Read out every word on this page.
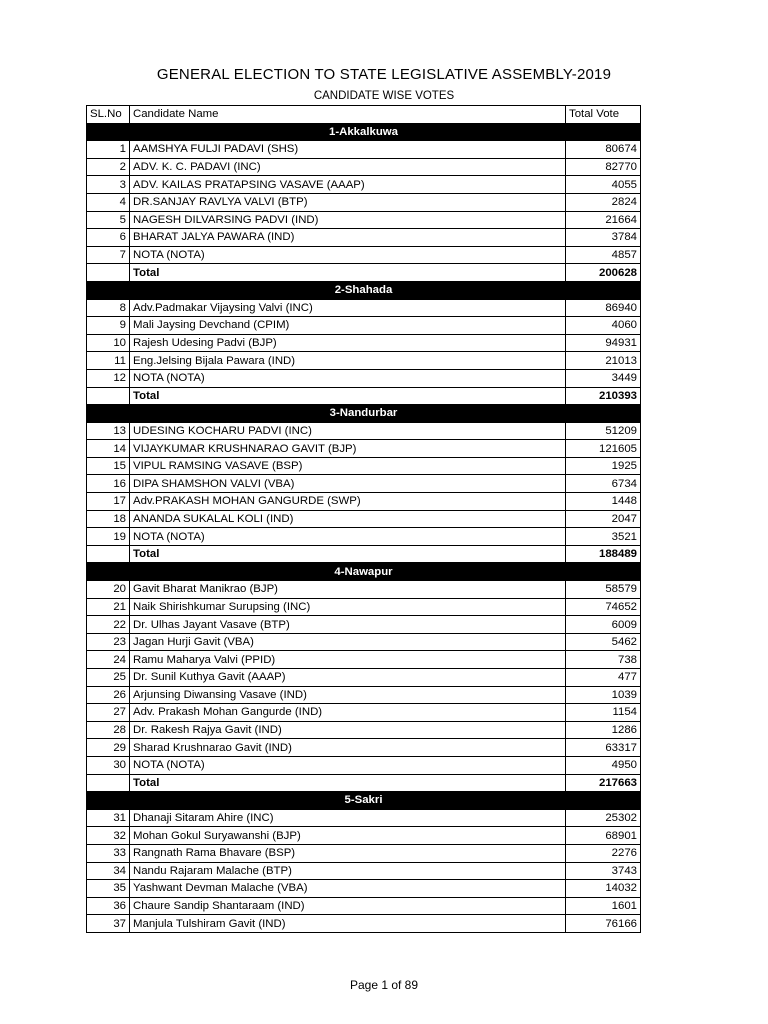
GENERAL ELECTION TO STATE LEGISLATIVE ASSEMBLY-2019
CANDIDATE WISE VOTES
SL.No	Candidate Name	Total Vote
1-Akkalkuwa		
1	AAMSHYA FULJI PADAVI (SHS)	80674
2	ADV. K. C. PADAVI (INC)	82770
3	ADV. KAILAS PRATAPSING VASAVE (AAAP)	4055
4	DR.SANJAY RAVLYA VALVI (BTP)	2824
5	NAGESH DILVARSING PADVI (IND)	21664
6	BHARAT JALYA PAWARA (IND)	3784
7	NOTA (NOTA)	4857
	Total	200628
2-Shahada		
8	Adv.Padmakar Vijaysing Valvi (INC)	86940
9	Mali Jaysing Devchand (CPIM)	4060
10	Rajesh Udesing Padvi (BJP)	94931
11	Eng.Jelsing Bijala Pawara (IND)	21013
12	NOTA (NOTA)	3449
	Total	210393
3-Nandurbar		
13	UDESING KOCHARU PADVI (INC)	51209
14	VIJAYKUMAR KRUSHNARAO GAVIT (BJP)	121605
15	VIPUL RAMSING VASAVE (BSP)	1925
16	DIPA SHAMSHON VALVI (VBA)	6734
17	Adv.PRAKASH MOHAN GANGURDE (SWP)	1448
18	ANANDA SUKALAL KOLI (IND)	2047
19	NOTA (NOTA)	3521
	Total	188489
4-Nawapur		
20	Gavit Bharat Manikrao (BJP)	58579
21	Naik Shirishkumar Surupsing (INC)	74652
22	Dr. Ulhas Jayant Vasave (BTP)	6009
23	Jagan Hurji Gavit (VBA)	5462
24	Ramu Maharya Valvi (PPID)	738
25	Dr. Sunil Kuthya Gavit (AAAP)	477
26	Arjunsing Diwansing Vasave (IND)	1039
27	Adv. Prakash Mohan Gangurde (IND)	1154
28	Dr. Rakesh Rajya Gavit (IND)	1286
29	Sharad Krushnarao Gavit (IND)	63317
30	NOTA (NOTA)	4950
	Total	217663
5-Sakri		
31	Dhanaji Sitaram Ahire (INC)	25302
32	Mohan Gokul Suryawanshi (BJP)	68901
33	Rangnath Rama Bhavare (BSP)	2276
34	Nandu Rajaram Malache (BTP)	3743
35	Yashwant Devman Malache (VBA)	14032
36	Chaure Sandip Shantaraam (IND)	1601
37	Manjula Tulshiram Gavit (IND)	76166
Page 1 of 89
